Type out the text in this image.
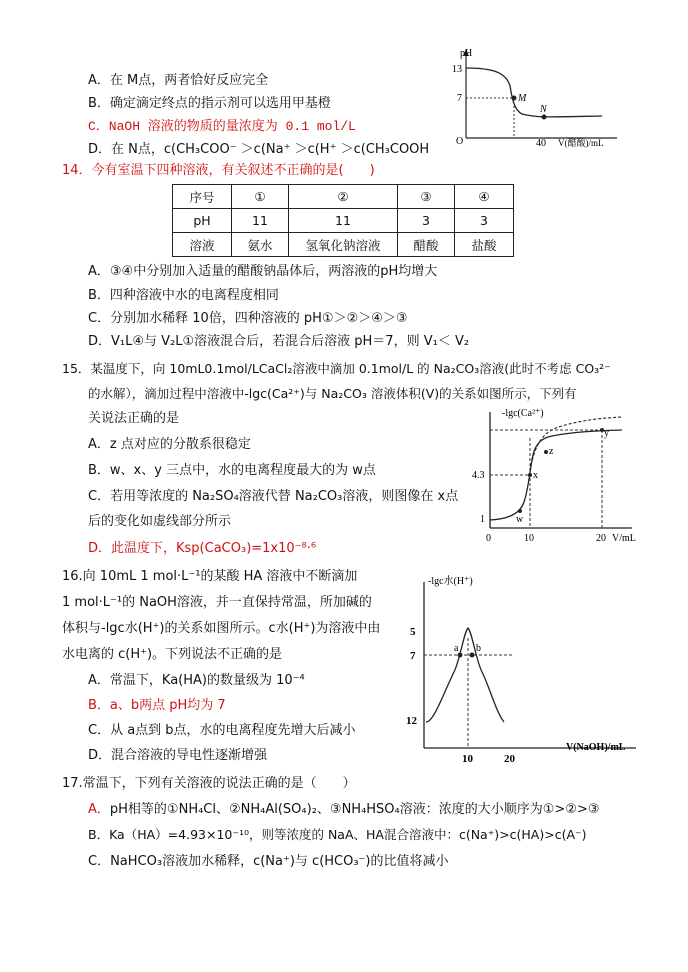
A．在 M点，两者恰好反应完全
B．确定滴定终点的指示剂可以选用甲基橙
C．NaOH 溶液的物质的量浓度为 0.1 mol/L
D．在 N点，c(CH₃COO⁻ ＞c(Na⁺ ＞c(H⁺ ＞c(CH₃COOH
pH
13
7	M
N
O	40 V(醋酸)/mL
14．今有室温下四种溶液，有关叙述不正确的是(　　)
序号	①	②	③	④
pH	11	11	3	3
溶液	氨水	氢氧化钠溶液	醋酸	盐酸
A．③④中分别加入适量的醋酸钠晶体后，两溶液的pH均增大
B．四种溶液中水的电离程度相同
C．分别加水稀释 10倍，四种溶液的 pH①＞②＞④＞③
D．V₁L④与 V₂L①溶液混合后，若混合后溶液 pH＝7，则 V₁＜ V₂
15．某温度下，向 10mL0.1mol/LCaCl₂溶液中滴加 0.1mol/L 的 Na₂CO₃溶液(此时不考虑 CO₃²⁻
的水解），滴加过程中溶液中-lgc(Ca²⁺)与 Na₂CO₃ 溶液体积(V)的关系如图所示，下列有
关说法正确的是
A．z 点对应的分散系很稳定
B．w、x、y 三点中，水的电离程度最大的为 w点
C．若用等浓度的 Na₂SO₄溶液代替 Na₂CO₃溶液，则图像在 x点
后的变化如虚线部分所示
D．此温度下，Ksp(CaCO₃)=1x10⁻⁸·⁶
-lgc(Ca²⁺)
4.3
1	w
x
y
z
0	10	20 V/mL
16.向 10mL 1 mol·L⁻¹的某酸 HA 溶液中不断滴加
1 mol·L⁻¹的 NaOH溶液，并一直保持常温，所加碱的
体积与-lgc水(H⁺)的关系如图所示。c水(H⁺)为溶液中由
水电离的 c(H⁺)。下列说法不正确的是
A．常温下，Ka(HA)的数量级为 10⁻⁴
B．a、b两点 pH均为 7
C．从 a点到 b点，水的电离程度先增大后减小
D．混合溶液的导电性逐渐增强
-lgc水(H⁺)
5
7
12
a b
10	20
V(NaOH)/mL
17.常温下，下列有关溶液的说法正确的是（　　）
A．pH相等的①NH₄Cl、②NH₄Al(SO₄)₂、③NH₄HSO₄溶液：浓度的大小顺序为①>②>③
B．Ka（HA）=4.93×10⁻¹⁰，则等浓度的 NaA、HA混合溶液中：c(Na⁺)>c(HA)>c(A⁻)
C．NaHCO₃溶液加水稀释，c(Na⁺)与 c(HCO₃⁻)的比值将减小
